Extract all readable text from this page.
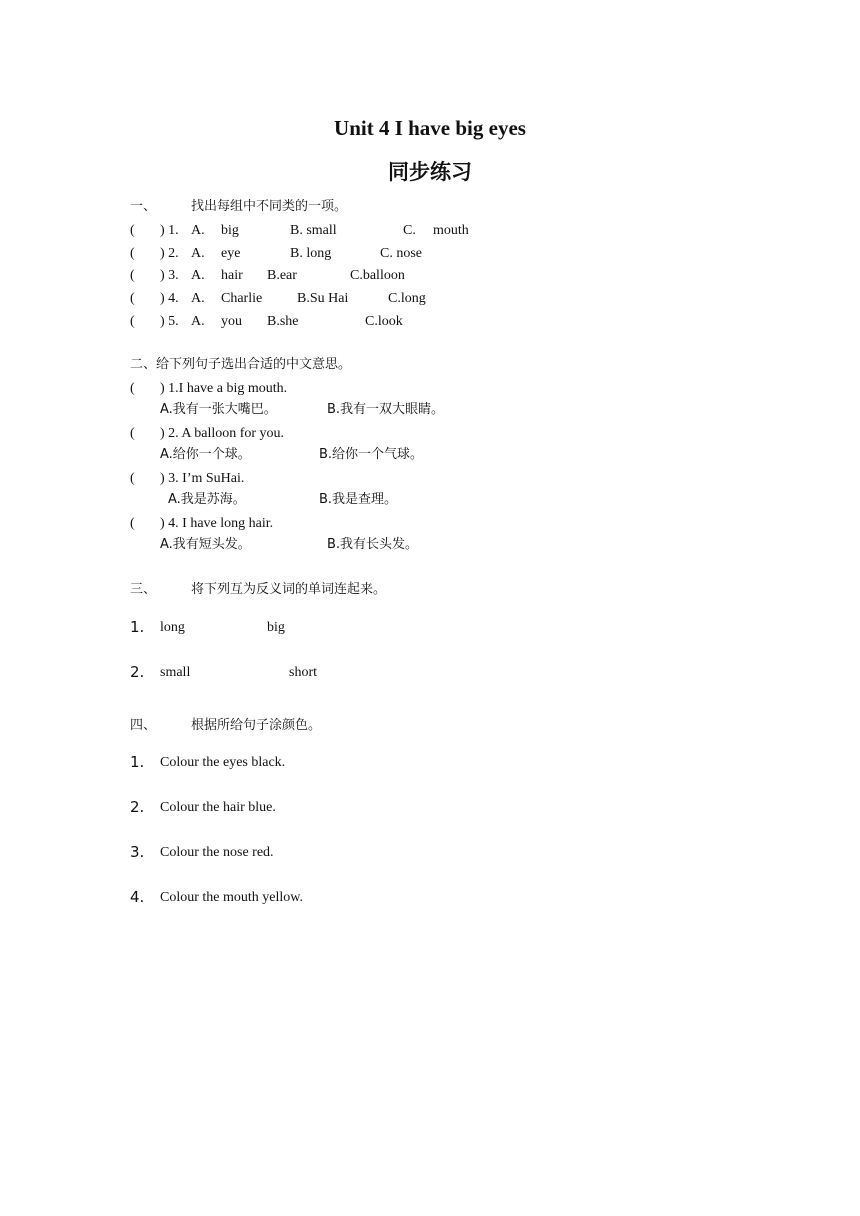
Unit 4 I have big eyes
同步练习
一、	找出每组中不同类的一项。
( ) 1. A. big	B. small	C. mouth
( ) 2. A. eye	B. long	C. nose
( ) 3. A. hair B.ear	C.balloon
( ) 4. A. Charlie B.Su Hai	C.long
( ) 5. A. you B.she	C.look
二、给下列句子选出合适的中文意思。
( ) 1.I have a big mouth.
A.我有一张大嘴巴。	B.我有一双大眼睛。
( ) 2. A balloon for you.
A.给你一个球。	B.给你一个气球。
( ) 3. I’m SuHai.
A.我是苏海。	B.我是查理。
( ) 4. I have long hair.
A.我有短头发。	B.我有长头发。
三、	将下列互为反义词的单词连起来。
1. long	big
2. small	short
四、	根据所给句子涂颜色。
1. Colour the eyes black.
2. Colour the hair blue.
3. Colour the nose red.
4. Colour the mouth yellow.
